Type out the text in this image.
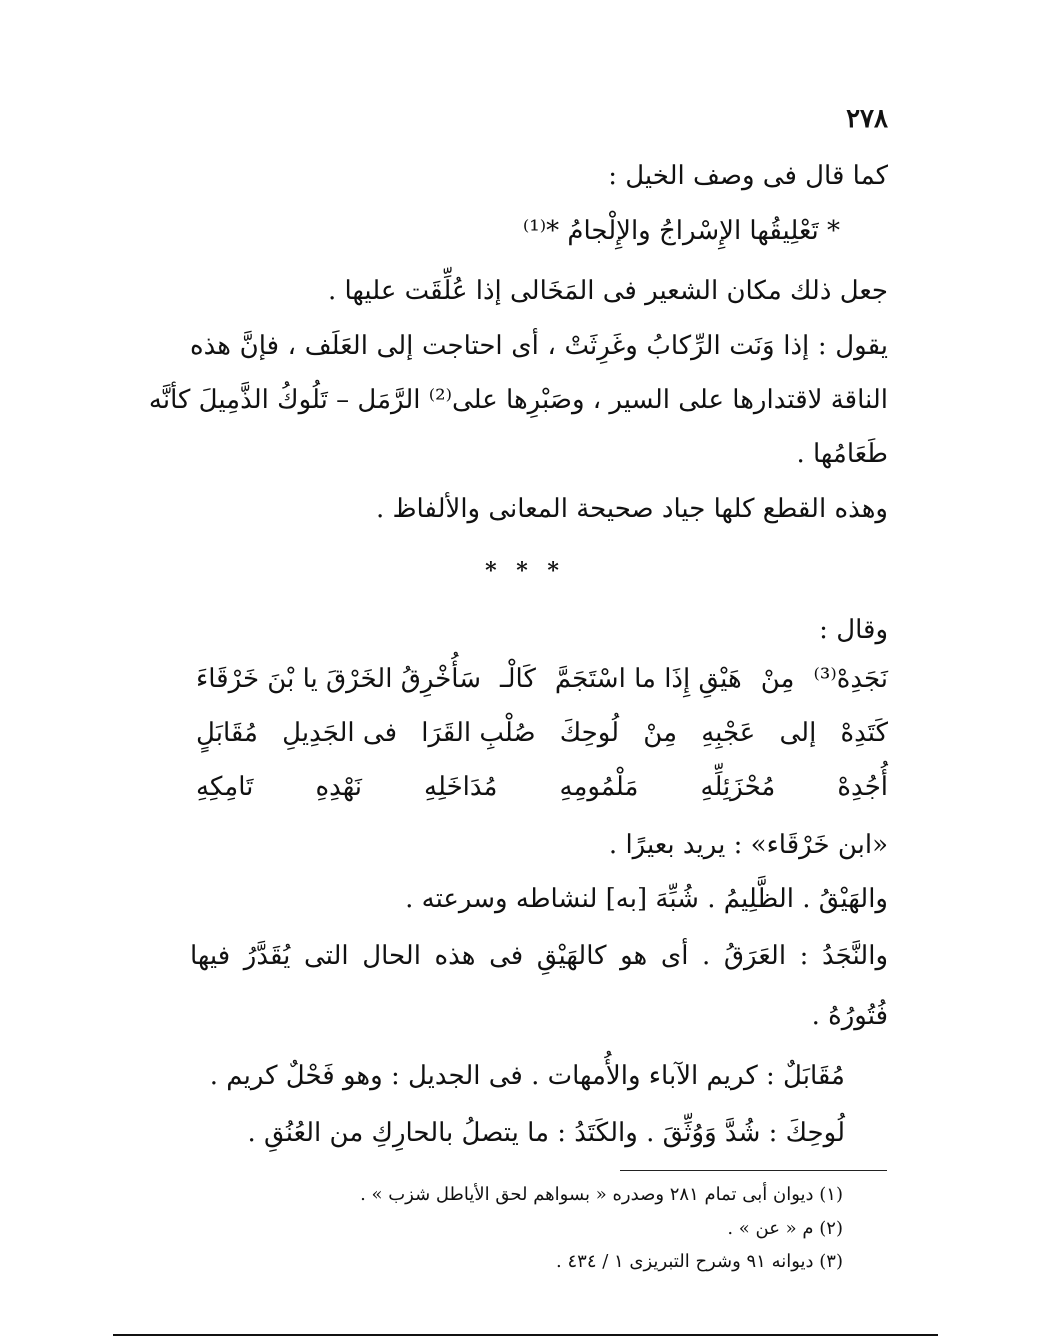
٢٧٨
كما قال فى وصف الخيل :
* تَعْلِيقُها الإِسْراجُ والإِلْجامُ *⁽¹⁾
جعل ذلك مكان الشعير فى المَخَالى إذا عُلِّقَت عليها .
يقول : إذا وَنَت الرِّكابُ وغَرِثَتْ ، أى احتاجت إلى العَلَف ، فإنَّ هذه
الناقة لاقتدارها على السير ، وصَبْرِها على⁽²⁾ الرَّمَل – تَلُوكُ الذَّمِيلَ كأنَّه
طَعَامُها .
وهذه القطع كلها جياد صحيحة المعانى والألفاظ .
* * *
وقال :
سَأُخْرِقُ الخَرْقَ يا بْنَ خَرْقَاءَ كَالْـ هَيْقِ إِذَا ما اسْتَجَمَّ مِنْ نَجَدِهْ⁽³⁾
مُقَابَلٍ فى الجَدِيلِ صُلْبِ القَرَا لُوحِكَ مِنْ عَجْبِهِ إلى كَتَدِهْ
تَامِكِهِ نَهْدِهِ مُدَاخَلِهِ مَلْمُومِهِ مُحْزَئِلِّهِ أُجُدِهْ
«ابن خَرْقَاء» : يريد بعيرًا .
والهَيْقُ . الظَّلِيمُ . شُبِّهَ [به] لنشاطه وسرعته .
والنَّجَدُ : العَرَقُ . أى هو كالهَيْقِ فى هذه الحال التى يُقَدَّرُ فيها
فُتُورُهُ .
مُقَابَلٌ : كريم الآباء والأُمهات . فى الجديل : وهو فَحْلٌ كريم .
لُوحِكَ : شُدَّ وَوُثِّقَ . والكَتَدُ : ما يتصلُ بالحارِكِ من العُنُقِ .
(١) ديوان أبى تمام ٢٨١ وصدره « بسواهم لحق الأياطل شزب » .
(٢) م « عن » .
(٣) ديوانه ٩١ وشرح التبريزى ١ / ٤٣٤ .
